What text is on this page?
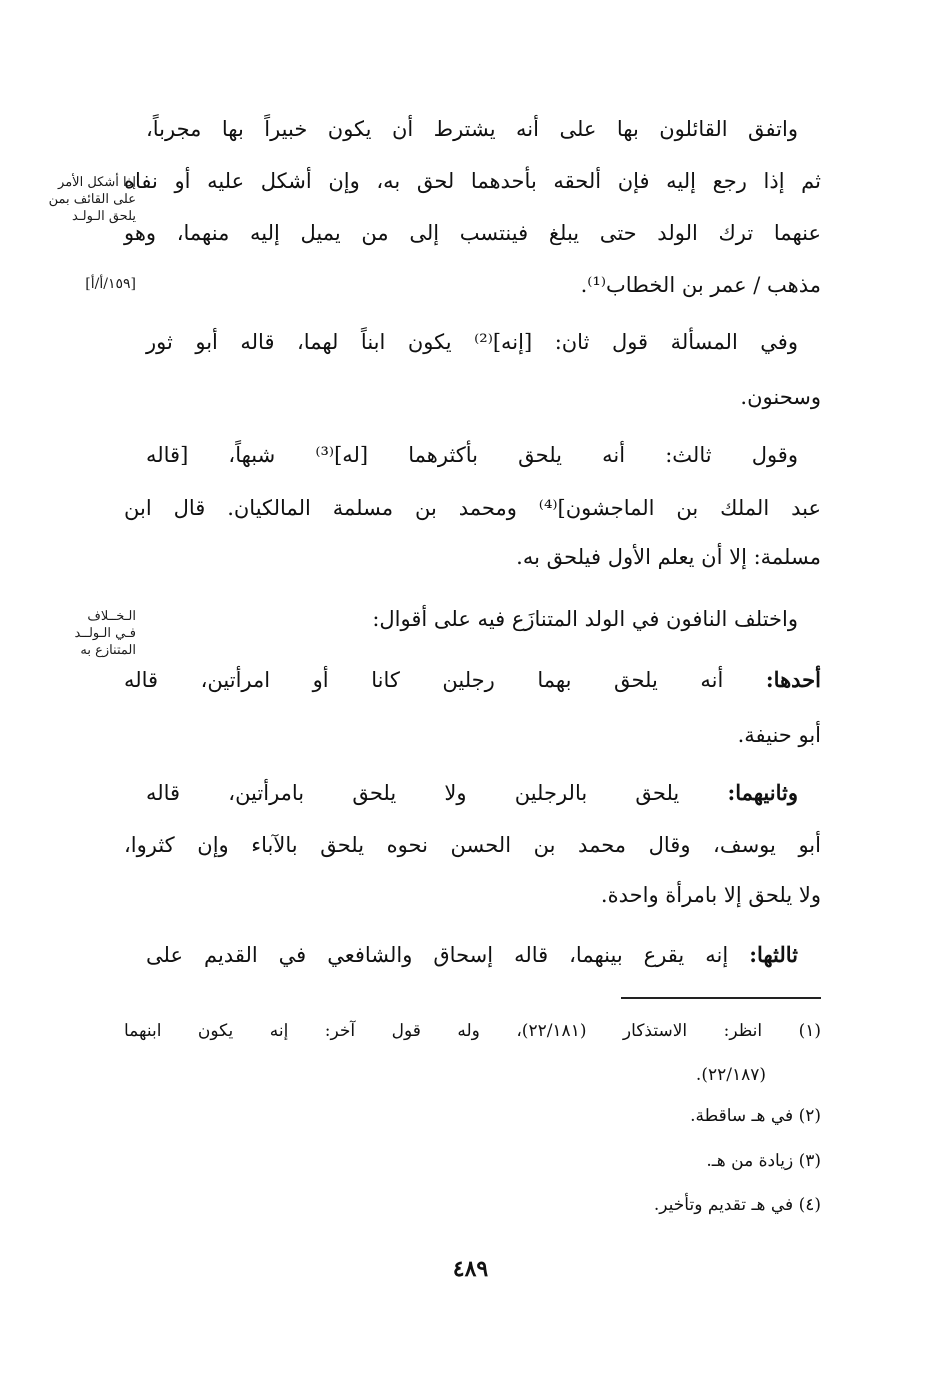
واتفق القائلون بها على أنه يشترط أن يكون خبيراً بها مجرباً،
ثم إذا رجع إليه فإن ألحقه بأحدهما لحق به، وإن أشكل عليه أو نفاه
عنهما ترك الولد حتى يبلغ فينتسب إلى من يميل إليه منهما، وهو
مذهب / عمر بن الخطاب⁽¹⁾.
وفي المسألة قول ثان: [إنه]⁽²⁾ يكون ابناً لهما، قاله أبو ثور
وسحنون.
وقول ثالث: أنه يلحق بأكثرهما [له]⁽³⁾ شبهاً، [قاله
عبد الملك بن الماجشون]⁽⁴⁾ ومحمد بن مسلمة المالكيان. قال ابن
مسلمة: إلا أن يعلم الأول فيلحق به.
واختلف النافون في الولد المتنازَع فيه على أقوال:
أحدها: أنه يلحق بهما رجلين كانا أو امرأتين، قاله
أبو حنيفة.
وثانيهما: يلحق بالرجلين ولا يلحق بامرأتين، قاله
أبو يوسف، وقال محمد بن الحسن نحوه يلحق بالآباء وإن كثروا،
ولا يلحق إلا بامرأة واحدة.
ثالثها: إنه يقرع بينهما، قاله إسحاق والشافعي في القديم على
إذا أشكل الأمر
على القائف بمن
يلحق الـولـد
[١٥٩/أ/أ]
الـخــلاف
فـي الـولــد
المتنازع به
(١) انظر: الاستذكار (٢٢/١٨١)، وله قول آخر: إنه يكون ابنهما
(٢٢/١٨٧).
(٢) في هـ ساقطة.
(٣) زيادة من هـ.
(٤) في هـ تقديم وتأخير.
٤٨٩
